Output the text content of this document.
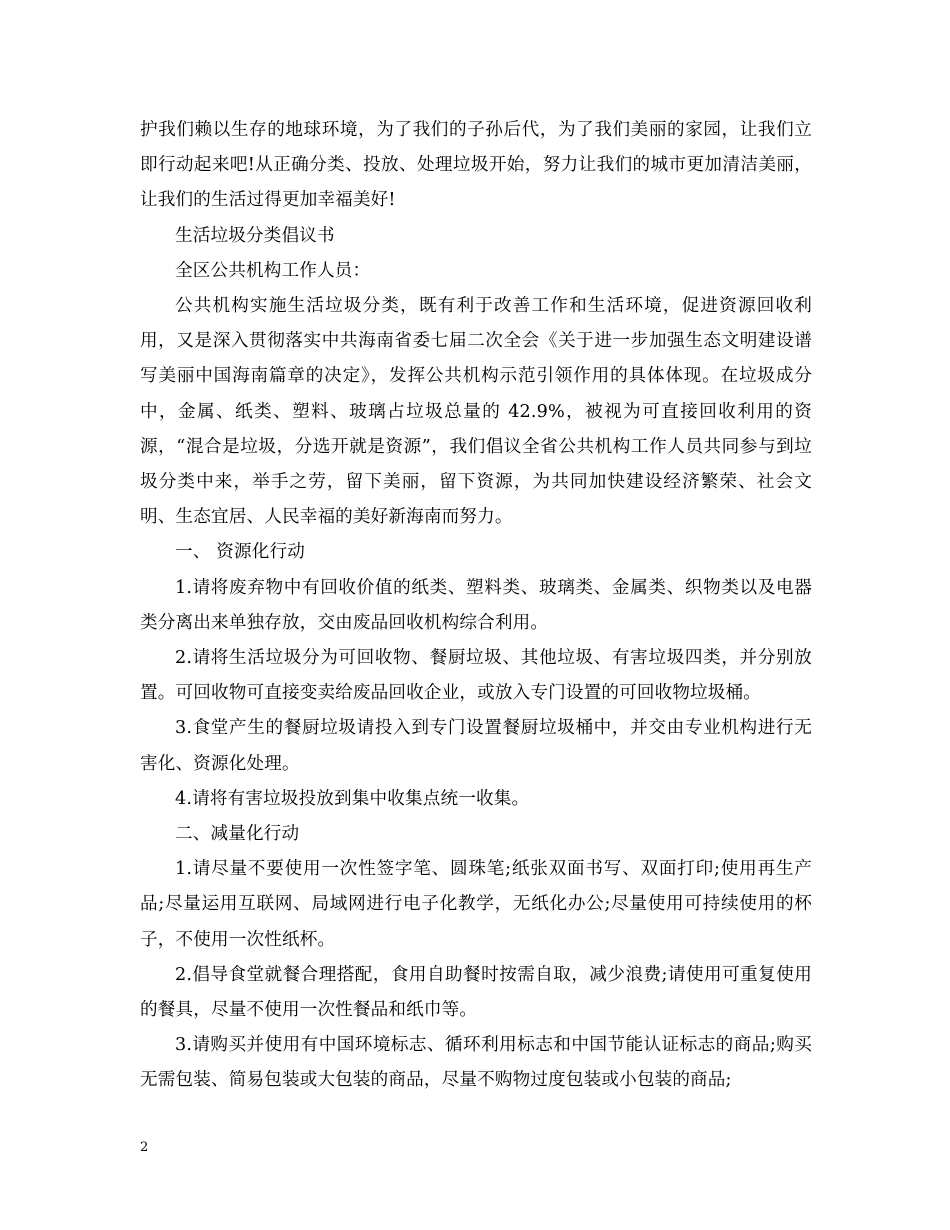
护我们赖以生存的地球环境，为了我们的子孙后代，为了我们美丽的家园，让我们立即行动起来吧!从正确分类、投放、处理垃圾开始，努力让我们的城市更加清洁美丽，让我们的生活过得更加幸福美好!

生活垃圾分类倡议书

全区公共机构工作人员：

公共机构实施生活垃圾分类，既有利于改善工作和生活环境，促进资源回收利用，又是深入贯彻落实中共海南省委七届二次全会《关于进一步加强生态文明建设谱写美丽中国海南篇章的决定》，发挥公共机构示范引领作用的具体体现。在垃圾成分中，金属、纸类、塑料、玻璃占垃圾总量的 42.9%，被视为可直接回收利用的资源，“混合是垃圾，分选开就是资源”，我们倡议全省公共机构工作人员共同参与到垃圾分类中来，举手之劳，留下美丽，留下资源，为共同加快建设经济繁荣、社会文明、生态宜居、人民幸福的美好新海南而努力。

一、 资源化行动

1.请将废弃物中有回收价值的纸类、塑料类、玻璃类、金属类、织物类以及电器类分离出来单独存放，交由废品回收机构综合利用。

2.请将生活垃圾分为可回收物、餐厨垃圾、其他垃圾、有害垃圾四类，并分别放置。可回收物可直接变卖给废品回收企业，或放入专门设置的可回收物垃圾桶。

3.食堂产生的餐厨垃圾请投入到专门设置餐厨垃圾桶中，并交由专业机构进行无害化、资源化处理。

4.请将有害垃圾投放到集中收集点统一收集。

二、减量化行动

1.请尽量不要使用一次性签字笔、圆珠笔;纸张双面书写、双面打印;使用再生产品;尽量运用互联网、局域网进行电子化教学，无纸化办公;尽量使用可持续使用的杯子，不使用一次性纸杯。

2.倡导食堂就餐合理搭配，食用自助餐时按需自取，减少浪费;请使用可重复使用的餐具，尽量不使用一次性餐品和纸巾等。

3.请购买并使用有中国环境标志、循环利用标志和中国节能认证标志的商品;购买无需包装、简易包装或大包装的商品，尽量不购物过度包装或小包装的商品;

2
